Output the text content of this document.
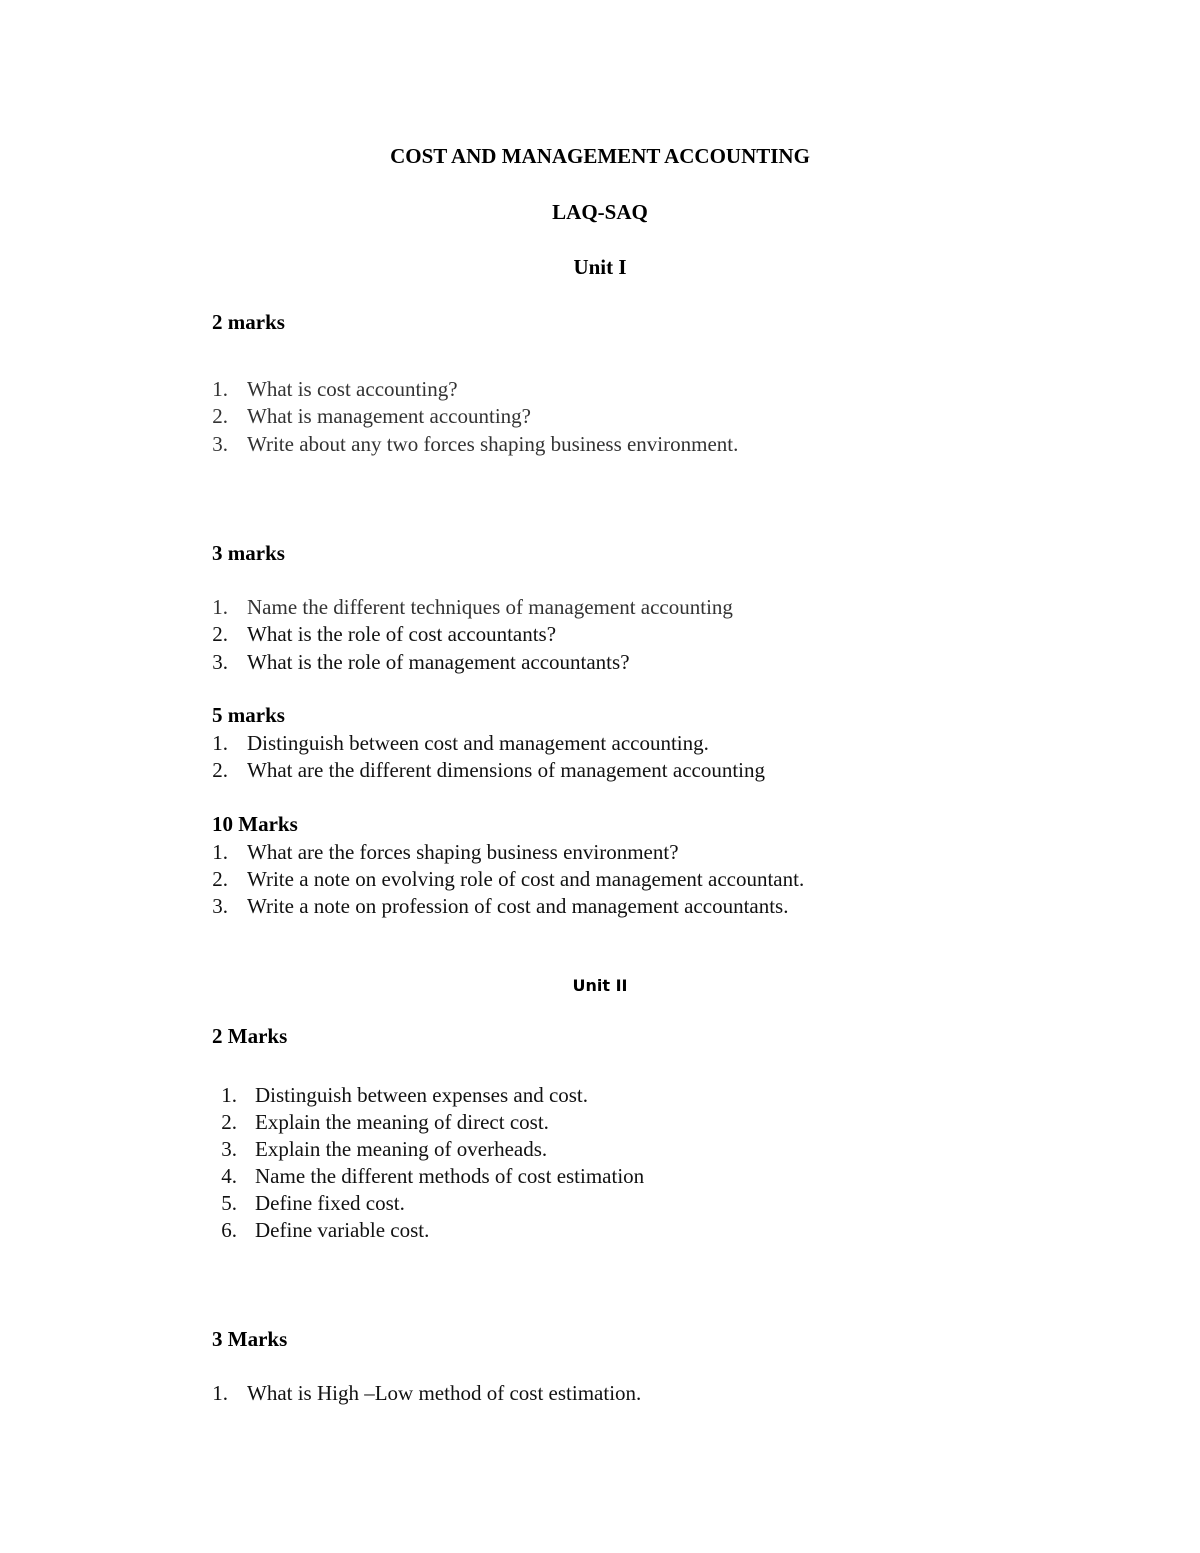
COST AND MANAGEMENT ACCOUNTING
LAQ-SAQ
Unit I
2 marks
1. What is cost accounting?
2. What is management accounting?
3. Write about any two forces shaping business environment.
3 marks
1. Name the different techniques of management accounting
2. What is the role of cost accountants?
3. What is the role of management accountants?
5 marks
1. Distinguish between cost and management accounting.
2. What are the different dimensions of management accounting
10 Marks
1. What are the forces shaping business environment?
2. Write a note on evolving role of cost and management accountant.
3. Write a note on profession of cost and management accountants.
Unit II
2 Marks
1. Distinguish between expenses and cost.
2. Explain the meaning of direct cost.
3. Explain the meaning of overheads.
4. Name the different methods of cost estimation
5. Define fixed cost.
6. Define variable cost.
3 Marks
1. What is High –Low method of cost estimation.
